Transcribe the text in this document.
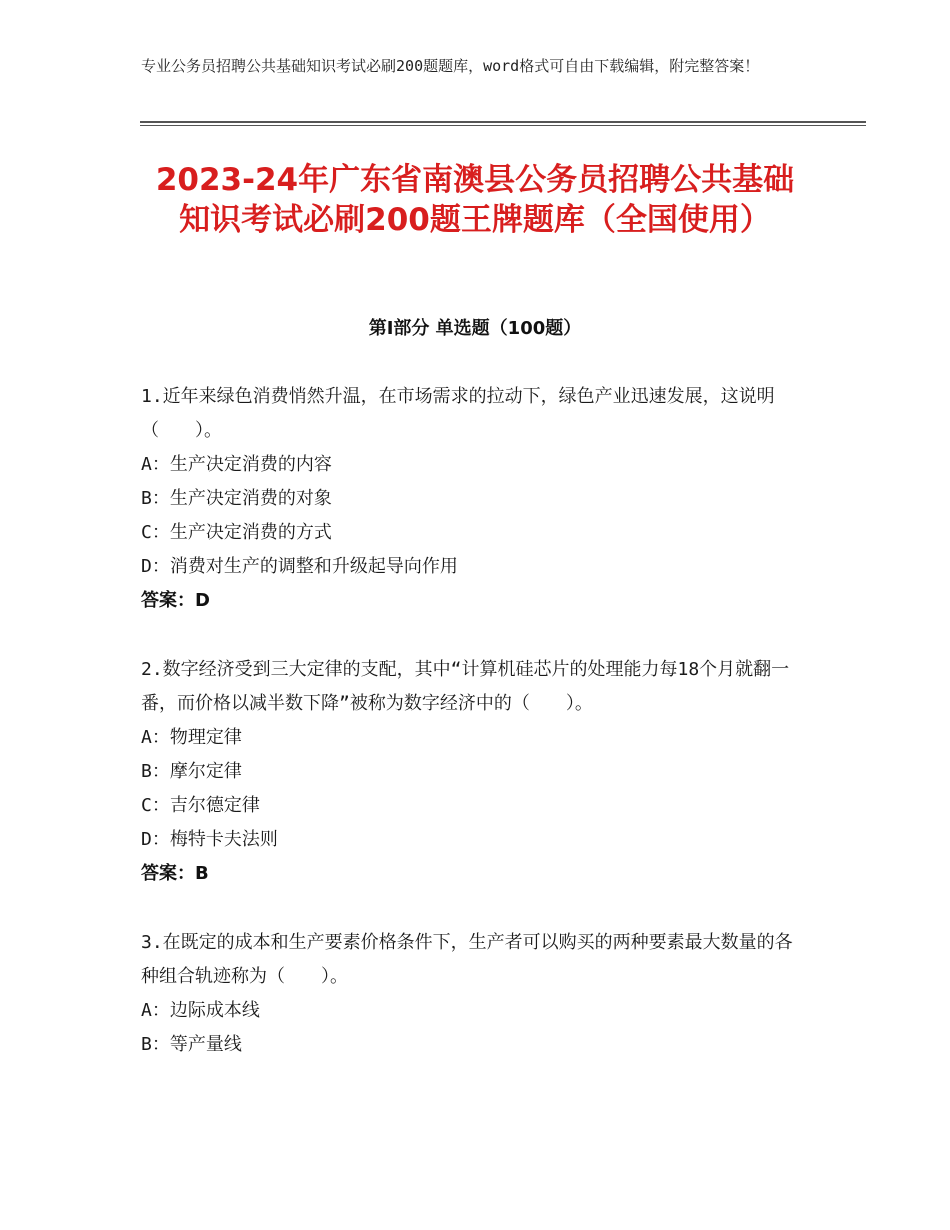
专业公务员招聘公共基础知识考试必刷200题题库，word格式可自由下载编辑，附完整答案！
2023-24年广东省南澳县公务员招聘公共基础知识考试必刷200题王牌题库（全国使用）
第I部分 单选题（100题）
1.近年来绿色消费悄然升温，在市场需求的拉动下，绿色产业迅速发展，这说明（　　）。
A：生产决定消费的内容
B：生产决定消费的对象
C：生产决定消费的方式
D：消费对生产的调整和升级起导向作用
答案：D
2.数字经济受到三大定律的支配，其中“计算机硅芯片的处理能力每18个月就翻一番，而价格以减半数下降”被称为数字经济中的（　　）。
A：物理定律
B：摩尔定律
C：吉尔德定律
D：梅特卡夫法则
答案：B
3.在既定的成本和生产要素价格条件下，生产者可以购买的两种要素最大数量的各种组合轨迹称为（　　）。
A：边际成本线
B：等产量线
